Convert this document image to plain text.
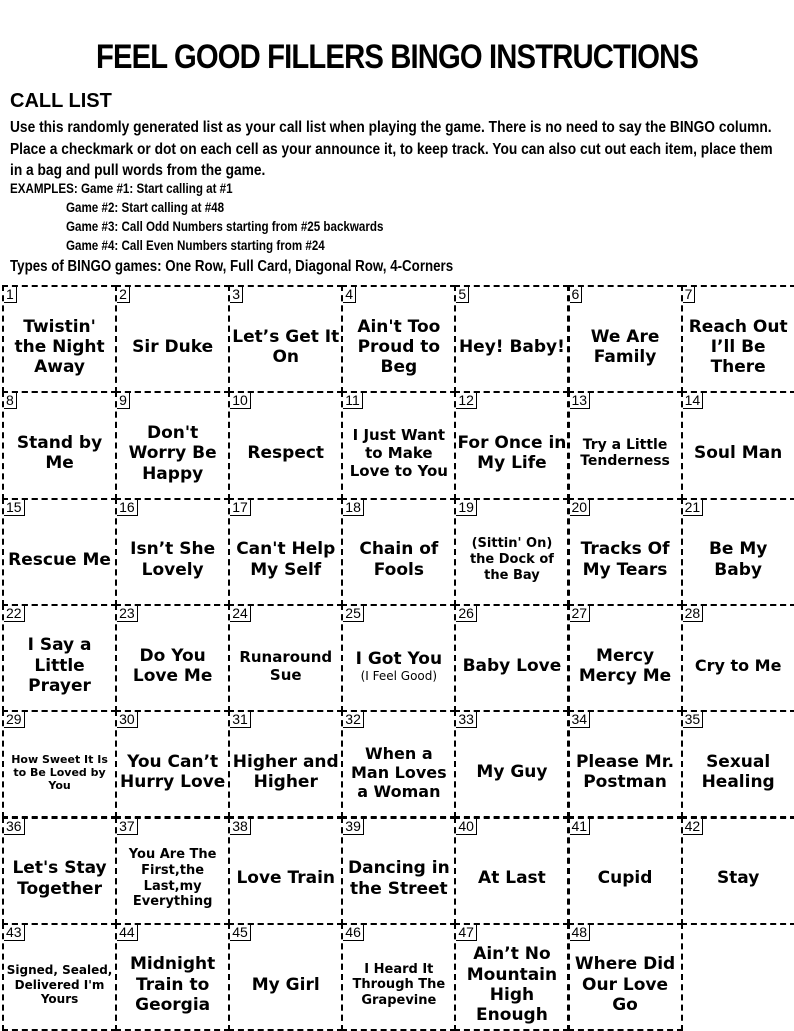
FEEL GOOD FILLERS BINGO INSTRUCTIONS
CALL LIST
Use this randomly generated list as your call list when playing the game. There is no need to say the BINGO column. Place a checkmark or dot on each cell as your announce it, to keep track. You can also cut out each item, place them in a bag and pull words from the game.
EXAMPLES: Game #1: Start calling at #1
Game #2: Start calling at #48
Game #3: Call Odd Numbers starting from #25 backwards
Game #4: Call Even Numbers starting from #24
Types of BINGO games: One Row, Full Card, Diagonal Row, 4-Corners
1
Twistin' the Night Away
2
Sir Duke
3
Let’s Get It On
4
Ain't Too Proud to Beg
5
Hey! Baby!
6
We Are Family
7
Reach Out I’ll Be There
8
Stand by Me
9
Don't Worry Be Happy
10
Respect
11
I Just Want to Make Love to You
12
For Once in My Life
13
Try a Little Tenderness
14
Soul Man
15
Rescue Me
16
Isn’t She Lovely
17
Can't Help My Self
18
Chain of Fools
19
(Sittin' On) the Dock of the Bay
20
Tracks Of My Tears
21
Be My Baby
22
I Say a Little Prayer
23
Do You Love Me
24
Runaround Sue
25
I Got You
(I Feel Good)
26
Baby Love
27
Mercy Mercy Me
28
Cry to Me
29
How Sweet It Is to Be Loved by You
30
You Can’t Hurry Love
31
Higher and Higher
32
When a Man Loves a Woman
33
My Guy
34
Please Mr. Postman
35
Sexual Healing
36
Let's Stay Together
37
You Are The First,the Last,my Everything
38
Love Train
39
Dancing in the Street
40
At Last
41
Cupid
42
Stay
43
Signed, Sealed, Delivered I'm Yours
44
Midnight Train to Georgia
45
My Girl
46
I Heard It Through The Grapevine
47
Ain’t No Mountain High Enough
48
Where Did Our Love Go
